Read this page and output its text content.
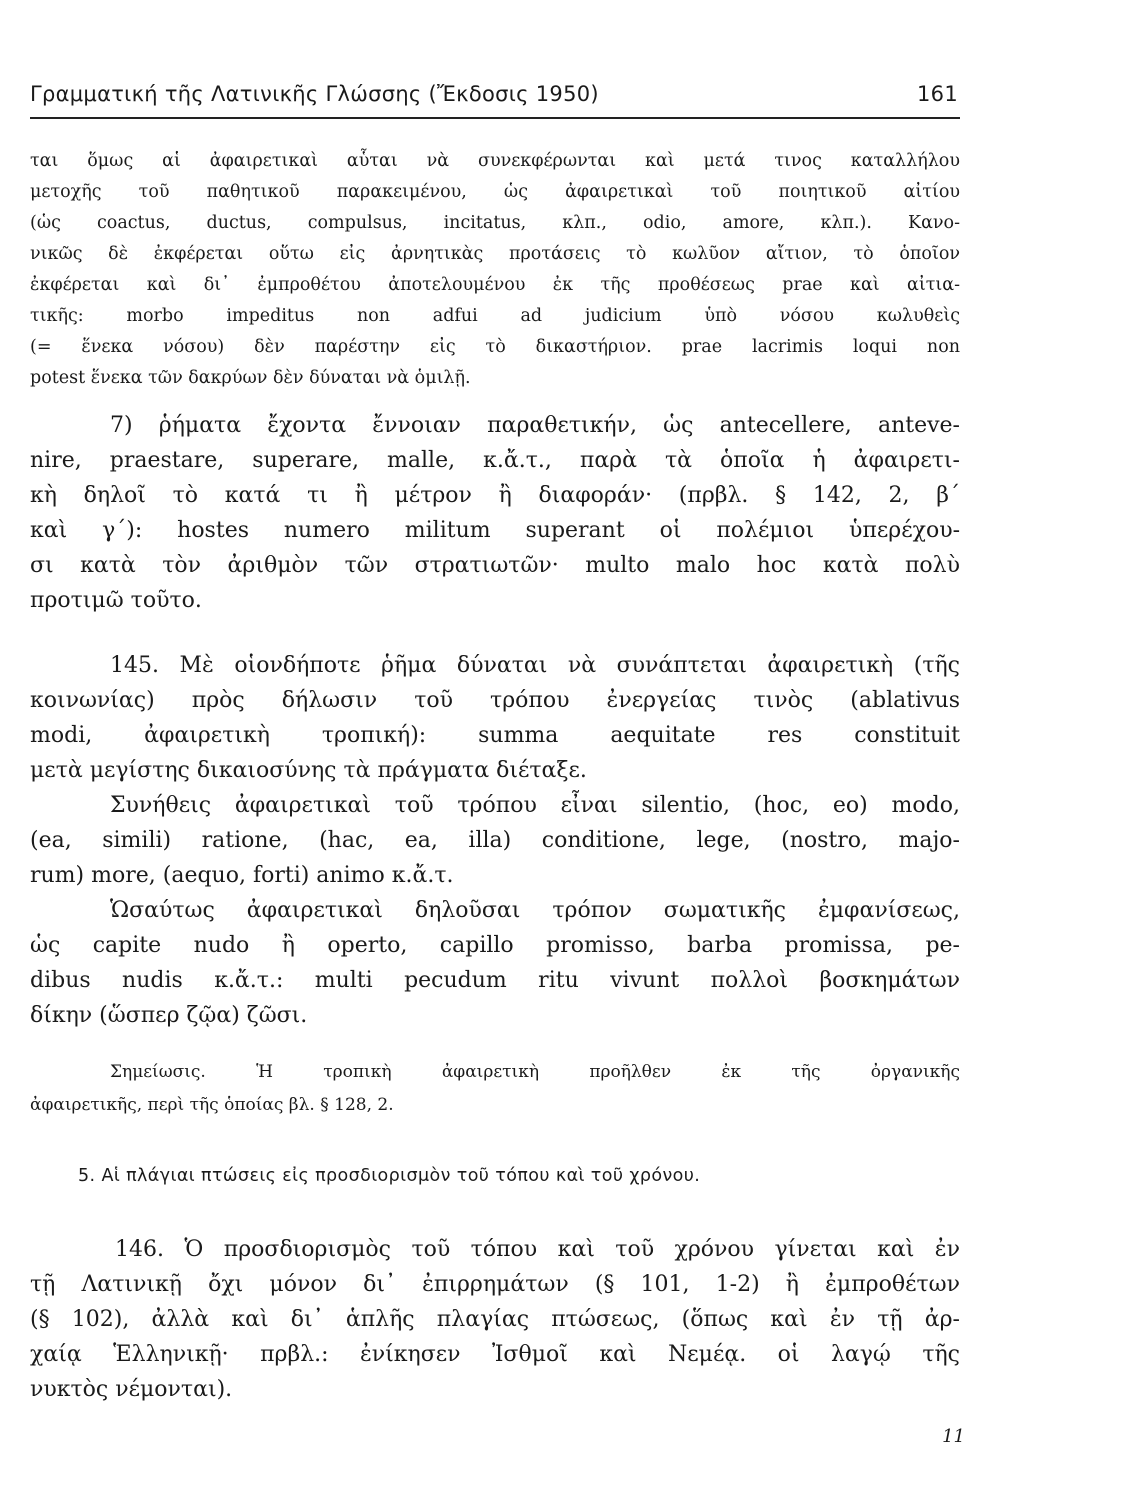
Γραμματική τῆς Λατινικῆς Γλώσσης (Ἔκδοσις 1950)	161
ται ὅμως αἱ ἀφαιρετικαὶ αὗται νὰ συνεκφέρωνται καὶ μετά τινος καταλλήλου
μετοχῆς τοῦ παθητικοῦ παρακειμένου, ὡς ἀφαιρετικαὶ τοῦ ποιητικοῦ αἰτίου
(ὡς coactus, ductus, compulsus, incitatus, κλπ., odio, amore, κλπ.). Κανο-
νικῶς δὲ ἐκφέρεται οὕτω εἰς ἀρνητικὰς προτάσεις τὸ κωλῦον αἴτιον, τὸ ὁποῖον
ἐκφέρεται καὶ δι᾽ ἐμπροθέτου ἀποτελουμένου ἐκ τῆς προθέσεως prae καὶ αἰτια-
τικῆς: morbo impeditus non adfui ad judicium ὑπὸ νόσου κωλυθεὶς
(= ἕνεκα νόσου) δὲν παρέστην εἰς τὸ δικαστήριον. prae lacrimis loqui non
potest ἕνεκα τῶν δακρύων δὲν δύναται νὰ ὁμιλῇ.
7) ῥήματα ἔχοντα ἔννοιαν παραθετικήν, ὡς antecellere, anteve-
nire, praestare, superare, malle, κ.ἄ.τ., παρὰ τὰ ὁποῖα ἡ ἀφαιρετι-
κὴ δηλοῖ τὸ κατά τι ἢ μέτρον ἢ διαφοράν· (πρβλ. § 142, 2, β΄
καὶ γ΄): hostes numero militum superant οἱ πολέμιοι ὑπερέχου-
σι κατὰ τὸν ἀριθμὸν τῶν στρατιωτῶν· multo malo hoc κατὰ πολὺ
προτιμῶ τοῦτο.
145. Μὲ οἱονδήποτε ῥῆμα δύναται νὰ συνάπτεται ἀφαιρετικὴ (τῆς
κοινωνίας) πρὸς δήλωσιν τοῦ τρόπου ἐνεργείας τινὸς (ablativus
modi, ἀφαιρετικὴ τροπική): summa aequitate res constituit
μετὰ μεγίστης δικαιοσύνης τὰ πράγματα διέταξε.
Συνήθεις ἀφαιρετικαὶ τοῦ τρόπου εἶναι silentio, (hoc, eo) modo,
(ea, simili) ratione, (hac, ea, illa) conditione, lege, (nostro, majo-
rum) more, (aequo, forti) animo κ.ἄ.τ.
Ὡσαύτως ἀφαιρετικαὶ δηλοῦσαι τρόπον σωματικῆς ἐμφανίσεως,
ὡς capite nudo ἢ operto, capillo promisso, barba promissa, pe-
dibus nudis κ.ἄ.τ.: multi pecudum ritu vivunt πολλοὶ βοσκημάτων
δίκην (ὥσπερ ζῷα) ζῶσι.
Σημείωσις. Ἡ τροπικὴ ἀφαιρετικὴ προῆλθεν ἐκ τῆς ὀργανικῆς
ἀφαιρετικῆς, περὶ τῆς ὁποίας βλ. § 128, 2.
5. Αἱ πλάγιαι πτώσεις εἰς προσδιορισμὸν τοῦ τόπου καὶ τοῦ χρόνου.
146. Ὁ προσδιορισμὸς τοῦ τόπου καὶ τοῦ χρόνου γίνεται καὶ ἐν
τῇ Λατινικῇ ὄχι μόνον δι᾽ ἐπιρρημάτων (§ 101, 1-2) ἢ ἐμπροθέτων
(§ 102), ἀλλὰ καὶ δι᾽ ἁπλῆς πλαγίας πτώσεως, (ὅπως καὶ ἐν τῇ ἀρ-
χαίᾳ Ἑλληνικῇ· πρβλ.: ἐνίκησεν Ἰσθμοῖ καὶ Νεμέᾳ. οἱ λαγῴ τῆς
νυκτὸς νέμονται).
11
